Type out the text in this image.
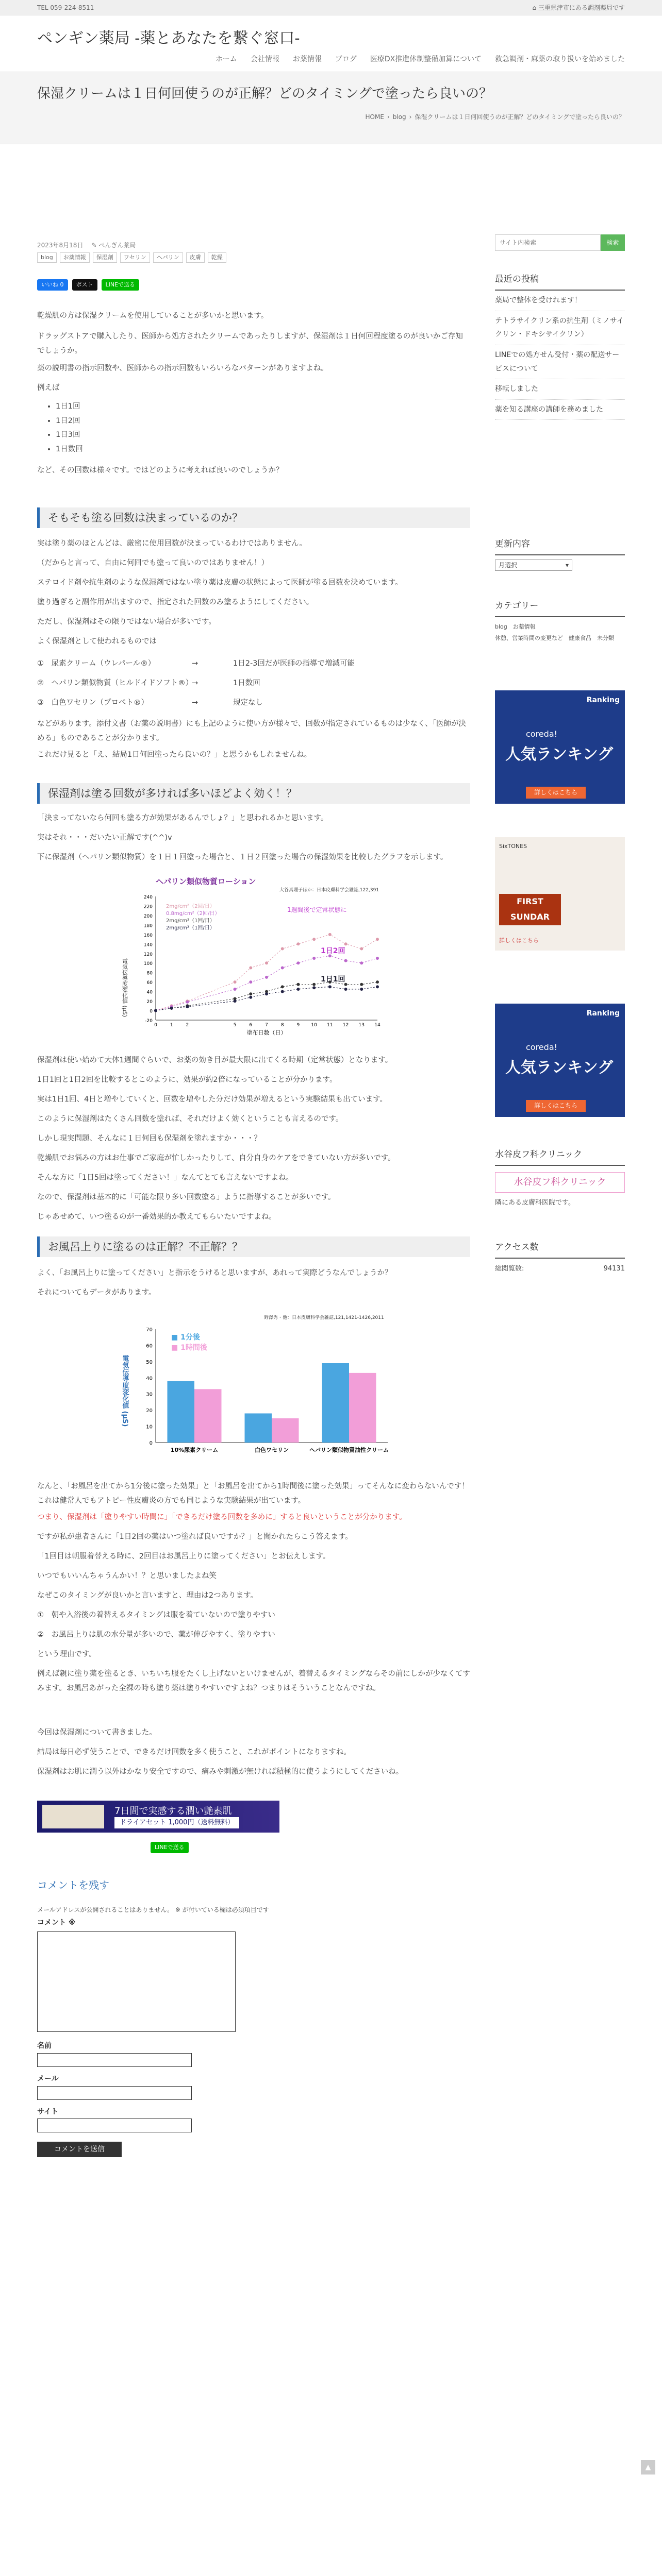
TEL 059-224-8511	⌂ 三重県津市にある調剤薬局です
ペンギン薬局 -薬とあなたを繋ぐ窓口-
ホーム 会社情報 お薬情報 ブログ 医療DX推進体制整備加算について 救急調剤・麻薬の取り扱いを始めました
保湿クリームは１日何回使うのが正解？どのタイミングで塗ったら良いの？
HOME › blog › 保湿クリームは１日何回使うのが正解？どのタイミングで塗ったら良いの？
2023年8月18日 ✎ ぺんぎん薬局
blog	お薬情報	保湿剤	ワセリン	ヘパリン	皮膚	乾燥
いいね 0	ポスト	LINEで送る
乾燥肌の方は保湿クリームを使用していることが多いかと思います。
ドラッグストアで購入したり、医師から処方されたクリームであったりしますが、保湿剤は１日何回程度塗るのが良いかご存知でしょうか。
薬の説明書の指示回数や、医師からの指示回数もいろいろなパターンがありますよね。
例えば
• 1日1回
• 1日2回
• 1日3回
• 1日数回
など、その回数は様々です。ではどのように考えれば良いのでしょうか？
そもそも塗る回数は決まっているのか？
実は塗り薬のほとんどは、厳密に使用回数が決まっているわけではありません。
（だからと言って、自由に何回でも塗って良いのではありません！）
ステロイド剤や抗生剤のような保湿剤ではない塗り薬は皮膚の状態によって医師が塗る回数を決めています。
塗り過ぎると副作用が出ますので、指定された回数のみ塗るようにしてください。
ただし、保湿剤はその限りではない場合が多いです。
よく保湿剤として使われるものでは
①　尿素クリーム（ウレパール®）	→	1日2-3回だが医師の指導で増減可能
②　ヘパリン類似物質（ヒルドイドソフト®）→	1日数回
③　白色ワセリン（プロペト®）	→	規定なし
などがあります。添付文書（お薬の説明書）にも上記のように使い方が様々で、回数が指定されているものは少なく、「医師が決める」ものであることが分かります。
これだけ見ると「え、結局1日何回塗ったら良いの？」と思うかもしれませんね。
保湿剤は塗る回数が多ければ多いほどよく効く！？
「決まってないなら何回も塗る方が効果があるんでしょ？」と思われるかと思います。
実はそれ・・・だいたい正解です(^^)v
下に保湿剤（ヘパリン類似物質）を１日１回塗った場合と、１日２回塗った場合の保湿効果を比較したグラフを示します。
ヘパリン類似物質ローション
大谷真理子ほか：日本皮膚科学会雑誌,122,391
-20
0
20
40
60
80
100
120
140
160
180
200
220
240
0	1	2	5	6	7	8	9 10 11 12 13 14
電気伝導度変化値 (μS)
塗布日数（日）
2mg/cm²（2回/日）
0.8mg/cm²（2回/日）
2mg/cm²（1回/日）
2mg/cm²（1回/日）
1週間後で定常状態に
1日2回
1日1回
保湿剤は使い始めて大体1週間ぐらいで、お薬の効き目が最大限に出てくる時期（定常状態）となります。
1日1回と1日2回を比較するとこのように、効果が約2倍になっていることが分かります。
実は1日1回、4日と増やしていくと、回数を増やした分だけ効果が増えるという実験結果も出ています。
このように保湿剤はたくさん回数を塗れば、それだけよく効くということも言えるのです。
しかし現実問題、そんなに１日何回も保湿剤を塗れますか・・・？
乾燥肌でお悩みの方はお仕事でご家庭が忙しかったりして、自分自身のケアをできていない方が多いです。
そんな方に「1日5回は塗ってください！」なんてとても言えないですよね。
なので、保湿剤は基本的に「可能な限り多い回数塗る」ように指導することが多いです。
じゃあせめて、いつ塗るのが一番効果的か教えてもらいたいですよね。
お風呂上りに塗るのは正解？不正解？？
よく、「お風呂上りに塗ってください」と指示をうけると思いますが、あれって実際どうなんでしょうか？
それについてもデータがあります。
野澤秀・他：日本皮膚科学会雑誌,121,1421-1426,2011
0
10
20
30
40
50
60
70
電気伝導度変化値 (μS)
10%尿素クリーム	白色ワセリン	ヘパリン類似物質油性クリーム
■ 1分後
■ 1時間後
なんと、「お風呂を出てから1分後に塗った効果」と「お風呂を出てから1時間後に塗った効果」ってそんなに変わらないんです！これは健常人でもアトピー性皮膚炎の方でも同じような実験結果が出ています。
つまり、保湿剤は「塗りやすい時間に」「できるだけ塗る回数を多めに」すると良いということが分かります。
ですが私が患者さんに「1日2回の薬はいつ塗れば良いですか？」と聞かれたらこう答えます。
「1回目は朝服着替える時に、2回目はお風呂上りに塗ってください」とお伝えします。
いつでもいいんちゃうんかい！？と思いましたよね笑
なぜこのタイミングが良いかと言いますと、理由は2つあります。
①　朝や入浴後の着替えるタイミングは服を着ていないので塗りやすい
②　お風呂上りは肌の水分量が多いので、薬が伸びやすく、塗りやすい
という理由です。
例えば親に塗り薬を塗るとき、いちいち服をたくし上げないといけませんが、着替えるタイミングならその前にしかが少なくてすみます。お風呂あがった全裸の時も塗り薬は塗りやすいですよね？つまりはそういうことなんですね。
今回は保湿剤について書きました。
結局は毎日必ず使うことで、できるだけ回数を多く使うこと、これがポイントになりますね。
保湿剤はお肌に潤う以外はかなり安全ですので、痛みや刺激が無ければ積極的に使うようにしてくださいね。
7日間で実感する潤い艶素肌
ドライアセット 1,000円（送料無料）
LINEで送る
コメントを残す
メールアドレスが公開されることはありません。 ※ が付いている欄は必須項目です
コメント ※
名前
メール
サイト
コメントを送信
サイト内検索
検索
最近の投稿
薬局で整体を受けれます！
テトラサイクリン系の抗生剤（ミノサイクリン・ドキシサイクリン）
LINEでの処方せん受付・薬の配送サービスについて
移転しました
薬を知る講座の講師を務めました
更新内容
月選択	▾
カテゴリー
blog　 お薬情報
休憩、営業時間の変更など　 健康食品　 未分類
Ranking
coreda!
人気ランキング
詳しくはこちら
SixTONES
FIRST SUNDAR
詳しくはこちら
Ranking
coreda!
人気ランキング
詳しくはこちら
水谷皮フ科クリニック
水谷皮フ科クリニック
隣にある皮膚科医院です。
アクセス数
総閲覧数:	94131
▲
